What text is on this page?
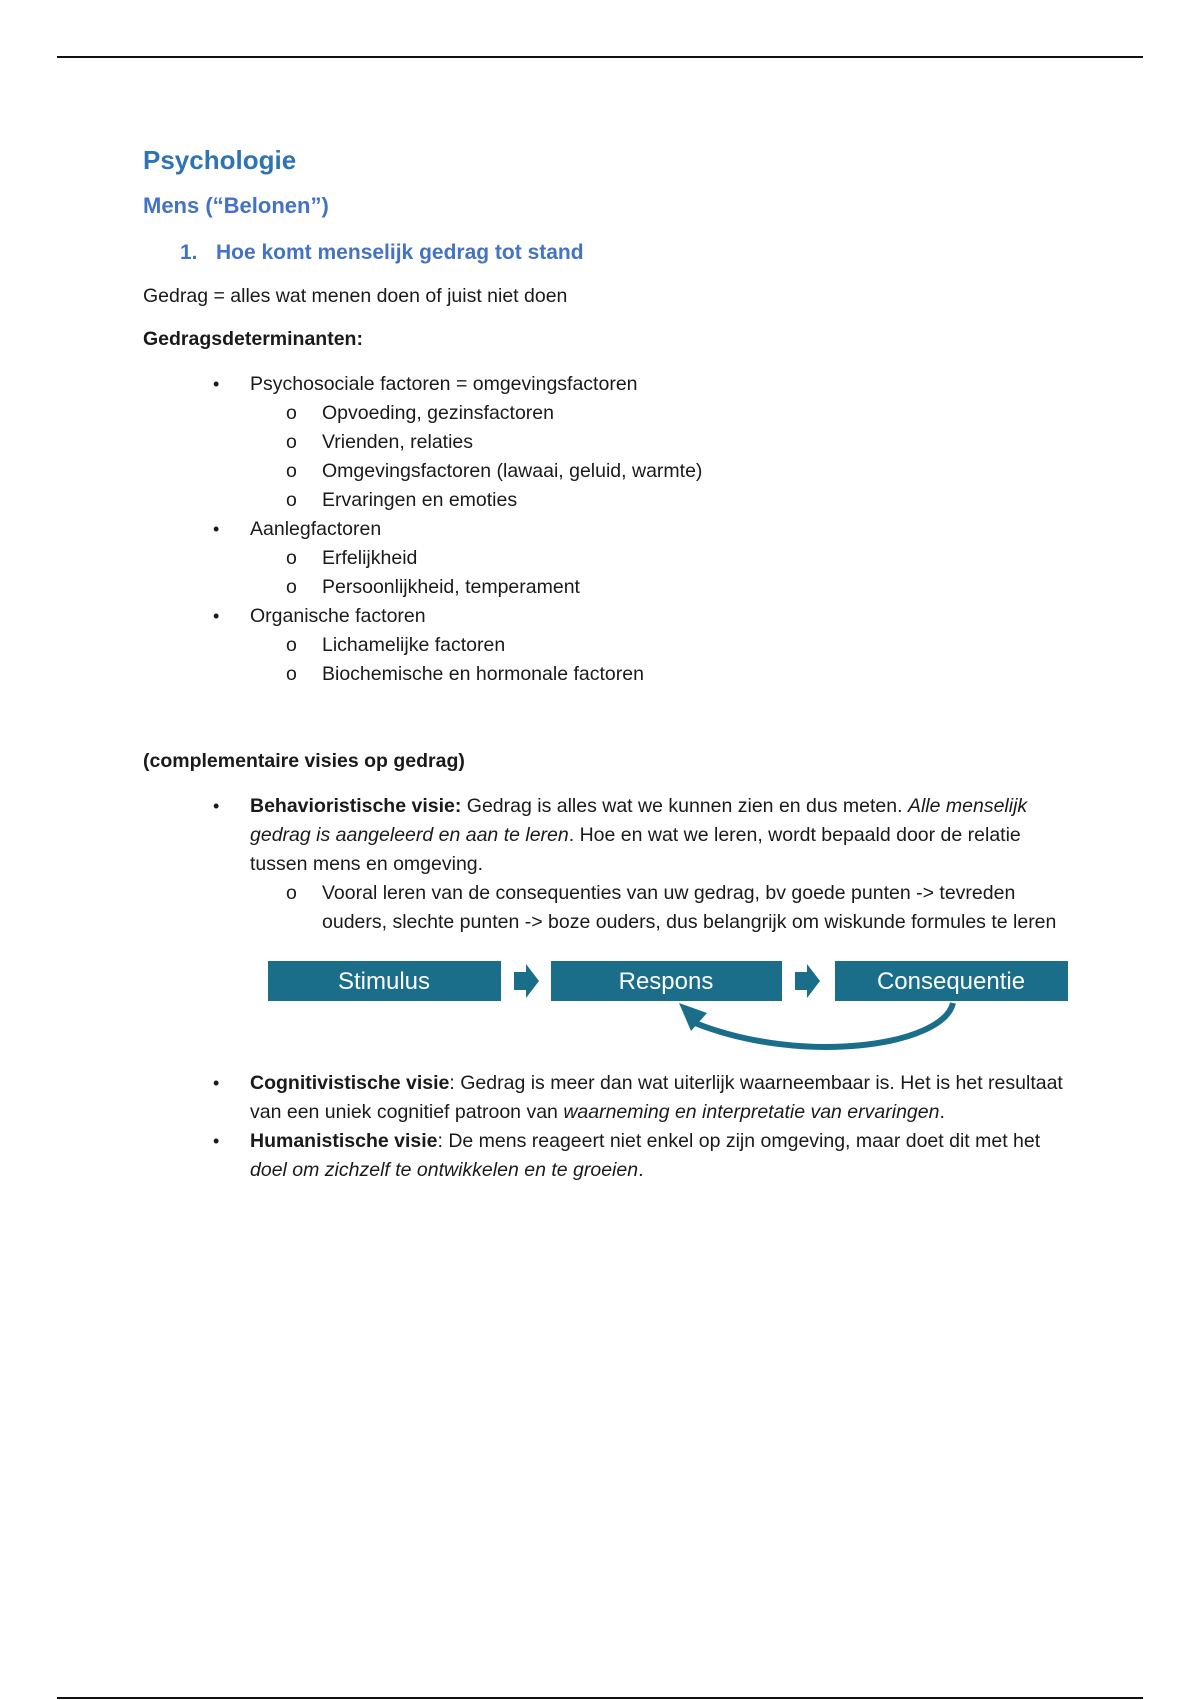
Psychologie
Mens (“Belonen”)
1. Hoe komt menselijk gedrag tot stand

Gedrag = alles wat menen doen of juist niet doen

Gedragsdeterminanten:

• Psychosociale factoren = omgevingsfactoren
o Opvoeding, gezinsfactoren
o Vrienden, relaties
o Omgevingsfactoren (lawaai, geluid, warmte)
o Ervaringen en emoties
• Aanlegfactoren
o Erfelijkheid
o Persoonlijkheid, temperament
• Organische factoren
o Lichamelijke factoren
o Biochemische en hormonale factoren

(complementaire visies op gedrag)

• Behavioristische visie: Gedrag is alles wat we kunnen zien en dus meten. Alle menselijk gedrag is aangeleerd en aan te leren. Hoe en wat we leren, wordt bepaald door de relatie tussen mens en omgeving.
o Vooral leren van de consequenties van uw gedrag, bv goede punten -> tevreden ouders, slechte punten -> boze ouders, dus belangrijk om wiskunde formules te leren
Stimulus	Respons	Consequentie
• Cognitivistische visie: Gedrag is meer dan wat uiterlijk waarneembaar is. Het is het resultaat van een uniek cognitief patroon van waarneming en interpretatie van ervaringen.
• Humanistische visie: De mens reageert niet enkel op zijn omgeving, maar doet dit met het doel om zichzelf te ontwikkelen en te groeien.
